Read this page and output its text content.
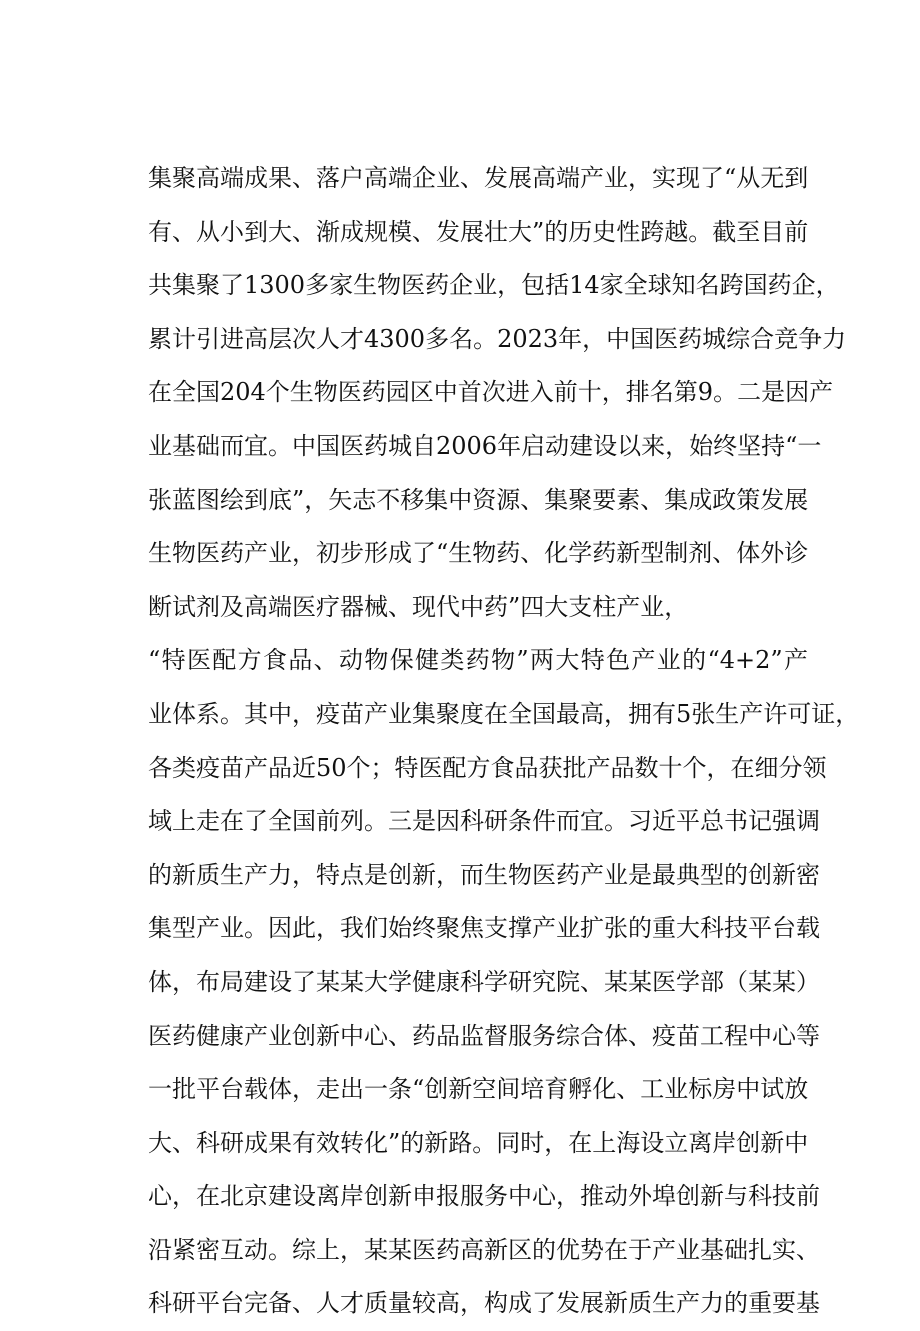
集聚高端成果、落户高端企业、发展高端产业，实现了“从无到
有、从小到大、渐成规模、发展壮大”的历史性跨越。截至目前
共集聚了1300多家生物医药企业，包括14家全球知名跨国药企，
累计引进高层次人才4300多名。2023年，中国医药城综合竞争力
在全国204个生物医药园区中首次进入前十，排名第9。二是因产
业基础而宜。中国医药城自2006年启动建设以来，始终坚持“一
张蓝图绘到底”，矢志不移集中资源、集聚要素、集成政策发展
生物医药产业，初步形成了“生物药、化学药新型制剂、体外诊
断试剂及高端医疗器械、现代中药”四大支柱产业，
“特医配方食品、动物保健类药物”两大特色产业的“4+2”产
业体系。其中，疫苗产业集聚度在全国最高，拥有5张生产许可证，
各类疫苗产品近50个；特医配方食品获批产品数十个，在细分领
域上走在了全国前列。三是因科研条件而宜。习近平总书记强调
的新质生产力，特点是创新，而生物医药产业是最典型的创新密
集型产业。因此，我们始终聚焦支撑产业扩张的重大科技平台载
体，布局建设了某某大学健康科学研究院、某某医学部（某某）
医药健康产业创新中心、药品监督服务综合体、疫苗工程中心等
一批平台载体，走出一条“创新空间培育孵化、工业标房中试放
大、科研成果有效转化”的新路。同时，在上海设立离岸创新中
心，在北京建设离岸创新申报服务中心，推动外埠创新与科技前
沿紧密互动。综上，某某医药高新区的优势在于产业基础扎实、
科研平台完备、人才质量较高，构成了发展新质生产力的重要基
